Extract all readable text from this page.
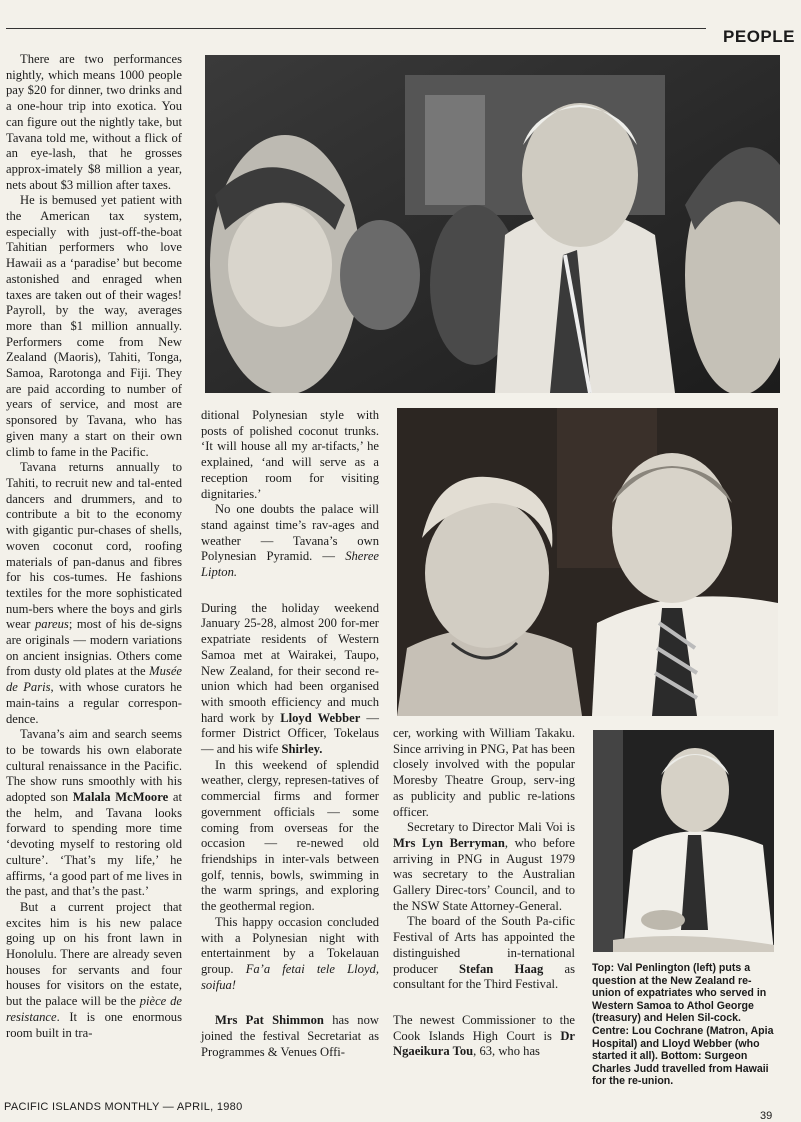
PEOPLE

There are two performances nightly, which means 1000 people pay $20 for dinner, two drinks and a one-hour trip into exotica. You can figure out the nightly take, but Tavana told me, without a flick of an eye-lash, that he grosses approx-imately $8 million a year, nets about $3 million after taxes.

He is bemused yet patient with the American tax system, especially with just-off-the-boat Tahitian performers who love Hawaii as a ‘paradise’ but become astonished and enraged when taxes are taken out of their wages! Payroll, by the way, averages more than $1 million annually. Performers come from New Zealand (Maoris), Tahiti, Tonga, Samoa, Rarotonga and Fiji. They are paid according to number of years of service, and most are sponsored by Tavana, who has given many a start on their own climb to fame in the Pacific.

Tavana returns annually to Tahiti, to recruit new and tal-ented dancers and drummers, and to contribute a bit to the economy with gigantic pur-chases of shells, woven coconut cord, roofing materials of pan-danus and fibres for his cos-tumes. He fashions textiles for the more sophisticated num-bers where the boys and girls wear pareus; most of his de-signs are originals — modern variations on ancient insignias. Others come from dusty old plates at the Musée de Paris, with whose curators he main-tains a regular correspon-dence.

Tavana’s aim and search seems to be towards his own elaborate cultural renaissance in the Pacific. The show runs smoothly with his adopted son Malala McMoore at the helm, and Tavana looks forward to spending more time ‘devoting myself to restoring old culture’. ‘That’s my life,’ he affirms, ‘a good part of me lives in the past, and that’s the past.’

But a current project that excites him is his new palace going up on his front lawn in Honolulu. There are already seven houses for servants and four houses for visitors on the estate, but the palace will be the pièce de resistance. It is one enormous room built in tra-

ditional Polynesian style with posts of polished coconut trunks. ‘It will house all my ar-tifacts,’ he explained, ‘and will serve as a reception room for visiting dignitaries.’

No one doubts the palace will stand against time’s rav-ages and weather — Tavana’s own Polynesian Pyramid. — Sheree Lipton.

During the holiday weekend January 25-28, almost 200 for-mer expatriate residents of Western Samoa met at Wairakei, Taupo, New Zealand, for their second re-union which had been organised with smooth efficiency and much hard work by Lloyd Webber — former District Officer, Tokelaus — and his wife Shirley.

In this weekend of splendid weather, clergy, represen-tatives of commercial firms and former government officials — some coming from overseas for the occasion — re-newed old friendships in inter-vals between golf, tennis, bowls, swimming in the warm springs, and exploring the geothermal region.

This happy occasion concluded with a Polynesian night with entertainment by a Tokelauan group. Fa’a fetai tele Lloyd, soifua!

Mrs Pat Shimmon has now joined the festival Secretariat as Programmes & Venues Offi-

cer, working with William Takaku. Since arriving in PNG, Pat has been closely involved with the popular Moresby Theatre Group, serv-ing as publicity and public re-lations officer.

Secretary to Director Mali Voi is Mrs Lyn Berryman, who before arriving in PNG in August 1979 was secretary to the Australian Gallery Direc-tors’ Council, and to the NSW State Attorney-General.

The board of the South Pa-cific Festival of Arts has appointed the distinguished in-ternational producer Stefan Haag as consultant for the Third Festival.

The newest Commissioner to the Cook Islands High Court is Dr Ngaeikura Tou, 63, who has

Top: Val Penlington (left) puts a question at the New Zealand re-union of expatriates who served in Western Samoa to Athol George (treasury) and Helen Sil-cock. Centre: Lou Cochrane (Matron, Apia Hospital) and Lloyd Webber (who started it all). Bottom: Surgeon Charles Judd travelled from Hawaii for the re-union.
PACIFIC ISLANDS MONTHLY — APRIL, 1980
39
